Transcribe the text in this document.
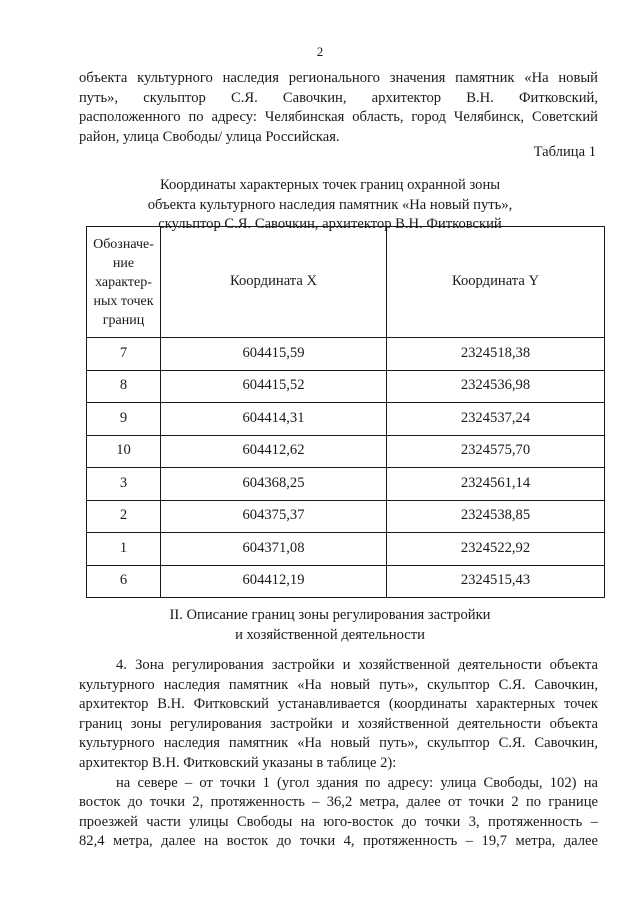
2

объекта культурного наследия регионального значения памятник «На новый

путь», скульптор С.Я. Савочкин, архитектор В.Н. Фитковский,

расположенного по адресу: Челябинская область, город Челябинск, Советский

район, улица Свободы/ улица Российская.

Таблица 1
Координаты характерных точек границ охранной зоны
объекта культурного наследия памятник «На новый путь»,
скульптор С.Я. Савочкин, архитектор В.Н. Фитковский
Обозначе-
ние
характер-
ных точек
границ	Координата X	Координата Y
7	604415,59	2324518,38
8	604415,52	2324536,98
9	604414,31	2324537,24
10	604412,62	2324575,70
3	604368,25	2324561,14
2	604375,37	2324538,85
1	604371,08	2324522,92
6	604412,19	2324515,43
II. Описание границ зоны регулирования застройки
и хозяйственной деятельности

4. Зона регулирования застройки и хозяйственной деятельности объекта

культурного наследия памятник «На новый путь», скульптор С.Я. Савочкин,

архитектор В.Н. Фитковский устанавливается (координаты характерных точек

границ зоны регулирования застройки и хозяйственной деятельности объекта

культурного наследия памятник «На новый путь», скульптор С.Я. Савочкин,

архитектор В.Н. Фитковский указаны в таблице 2):

на севере – от точки 1 (угол здания по адресу: улица Свободы, 102) на

восток до точки 2, протяженность – 36,2 метра, далее от точки 2 по границе

проезжей части улицы Свободы на юго-восток до точки 3, протяженность –

82,4 метра, далее на восток до точки 4, протяженность – 19,7 метра, далее
